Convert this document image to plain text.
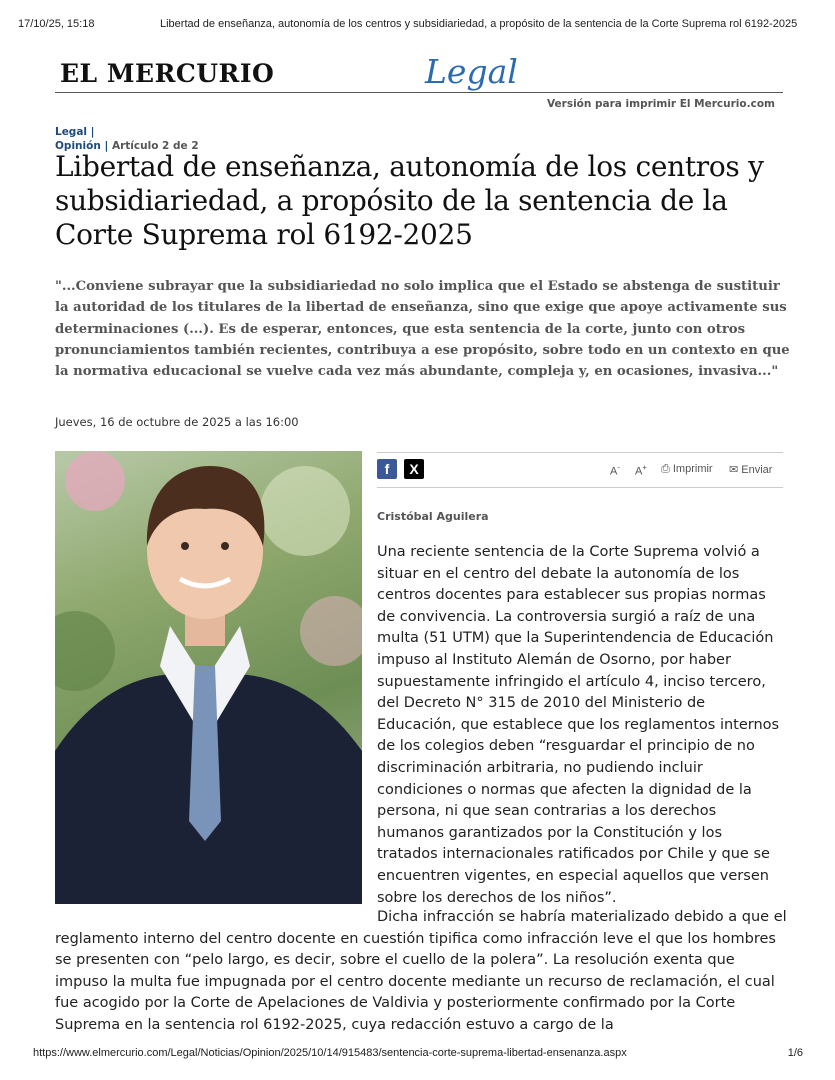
17/10/25, 15:18	Libertad de enseñanza, autonomía de los centros y subsidiariedad, a propósito de la sentencia de la Corte Suprema rol 6192-2025
EL MERCURIO	Legal
Versión para imprimir El Mercurio.com
Legal |
Opinión | Artículo 2 de 2
Libertad de enseñanza, autonomía de los centros y subsidiariedad, a propósito de la sentencia de la Corte Suprema rol 6192-2025

"...Conviene subrayar que la subsidiariedad no solo implica que el Estado se abstenga de sustituir la autoridad de los titulares de la libertad de enseñanza, sino que exige que apoye activamente sus determinaciones (...). Es de esperar, entonces, que esta sentencia de la corte, junto con otros pronunciamientos también recientes, contribuya a ese propósito, sobre todo en un contexto en que la normativa educacional se vuelve cada vez más abundante, compleja y, en ocasiones, invasiva..."

Jueves, 16 de octubre de 2025 a las 16:00
f	X	A- A+ ⎙ Imprimir ✉ Enviar
Cristóbal Aguilera

Una reciente sentencia de la Corte Suprema volvió a situar en el centro del debate la autonomía de los centros docentes para establecer sus propias normas de convivencia. La controversia surgió a raíz de una multa (51 UTM) que la Superintendencia de Educación impuso al Instituto Alemán de Osorno, por haber supuestamente infringido el artículo 4, inciso tercero, del Decreto N° 315 de 2010 del Ministerio de Educación, que establece que los reglamentos internos de los colegios deben “resguardar el principio de no discriminación arbitraria, no pudiendo incluir condiciones o normas que afecten la dignidad de la persona, ni que sean contrarias a los derechos humanos garantizados por la Constitución y los tratados internacionales ratificados por Chile y que se encuentren vigentes, en especial aquellos que versen sobre los derechos de los niños”.

Dicha infracción se habría materializado debido a que el reglamento interno del centro docente en cuestión tipifica como infracción leve el que los hombres se presenten con “pelo largo, es decir, sobre el cuello de la polera”. La resolución exenta que impuso la multa fue impugnada por el centro docente mediante un recurso de reclamación, el cual fue acogido por la Corte de Apelaciones de Valdivia y posteriormente confirmado por la Corte Suprema en la sentencia rol 6192-2025, cuya redacción estuvo a cargo de la

https://www.elmercurio.com/Legal/Noticias/Opinion/2025/10/14/915483/sentencia-corte-suprema-libertad-ensenanza.aspx	1/6
